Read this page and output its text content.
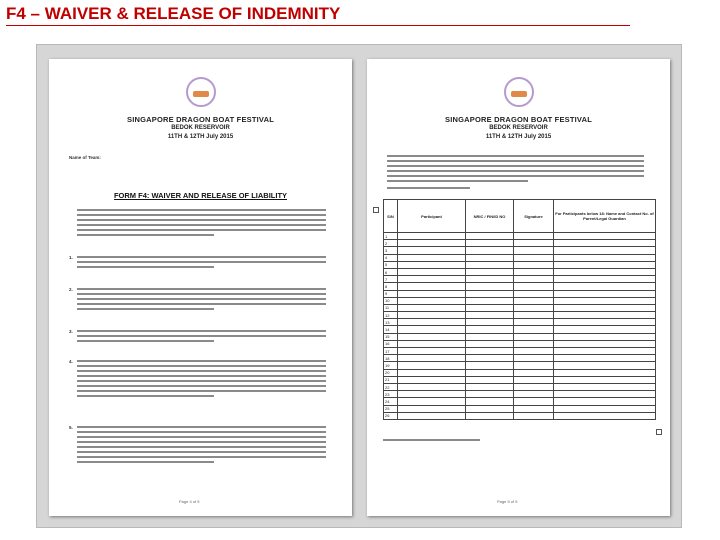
F4 – WAIVER & RELEASE OF INDEMNITY
SINGAPORE DRAGON BOAT FESTIVAL
BEDOK RESERVOIR
11TH & 12TH July 2015
Name of Team:
FORM F4: WAIVER AND RELEASE OF LIABILITY
1.
2.
3.
4.
5.
Page 4 of 5
SINGAPORE DRAGON BOAT FESTIVAL
BEDOK RESERVOIR
11TH & 12TH July 2015
S/N	Participant	NRIC / FIN/ID NO	Signature	For Participants below 18: Name and Contact No. of Parent/Legal Guardian
1				
2				
3				
4				
5				
6				
7				
8				
9				
10				
11				
12				
13				
14				
15				
16				
17				
18				
19				
20				
21				
22				
23				
24				
25				
26				
Page 5 of 5
